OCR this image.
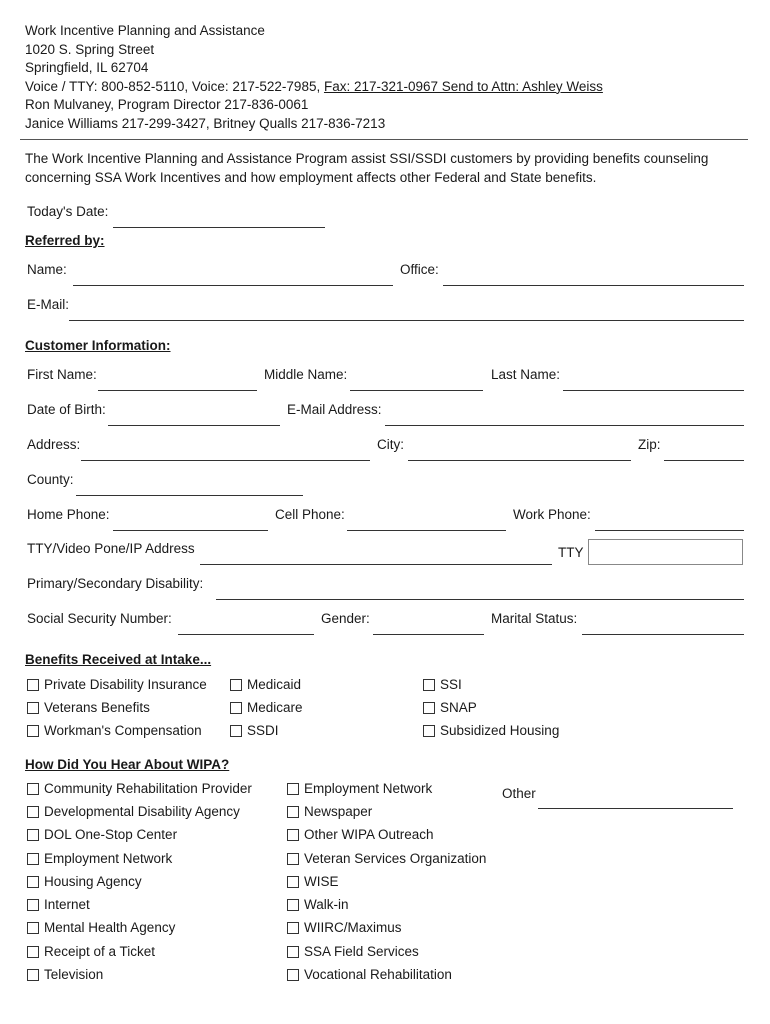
Work Incentive Planning and Assistance
1020 S. Spring Street
Springfield, IL 62704
Voice / TTY: 800-852-5110, Voice: 217-522-7985, Fax: 217-321-0967 Send to Attn: Ashley Weiss
Ron Mulvaney, Program Director 217-836-0061
Janice Williams 217-299-3427, Britney Qualls 217-836-7213
The Work Incentive Planning and Assistance Program assist SSI/SSDI customers by providing benefits counseling concerning SSA Work Incentives and how employment affects other Federal and State benefits.
Today's Date:
Referred by:
Name:	Office:
E-Mail:
Customer Information:
First Name:	Middle Name:	Last Name:
Date of Birth:	E-Mail Address:
Address:	City:	Zip:
County:
Home Phone:	Cell Phone:	Work Phone:
TTY/Video Pone/IP Address	TTY
Primary/Secondary Disability:
Social Security Number:	Gender:	Marital Status:
Benefits Received at Intake...
Private Disability Insurance
Veterans Benefits
Workman's Compensation
Medicaid
Medicare
SSDI
SSI
SNAP
Subsidized Housing
How Did You Hear About WIPA?
Community Rehabilitation Provider
Developmental Disability Agency
DOL One-Stop Center
Employment Network
Housing Agency
Internet
Mental Health Agency
Receipt of a Ticket
Television
Employment Network
Newspaper
Other WIPA Outreach
Veteran Services Organization
WISE
Walk-in
WIIRC/Maximus
SSA Field Services
Vocational Rehabilitation
Other
